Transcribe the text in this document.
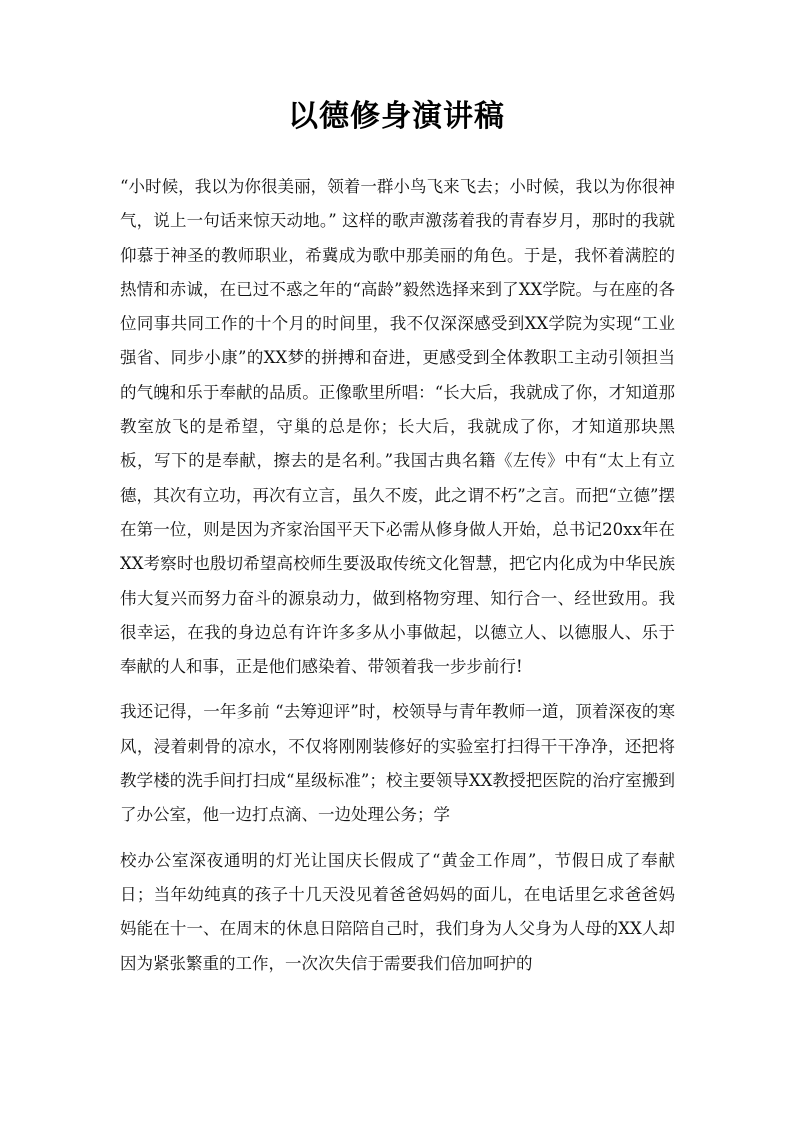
以德修身演讲稿

“小时候，我以为你很美丽，领着一群小鸟飞来飞去；小时候，我以为你很神气，说上一句话来惊天动地。” 这样的歌声激荡着我的青春岁月，那时的我就仰慕于神圣的教师职业，希冀成为歌中那美丽的角色。于是，我怀着满腔的热情和赤诚，在已过不惑之年的“高龄”毅然选择来到了XX学院。与在座的各位同事共同工作的十个月的时间里，我不仅深深感受到XX学院为实现“工业强省、同步小康”的XX梦的拼搏和奋进，更感受到全体教职工主动引领担当的气魄和乐于奉献的品质。正像歌里所唱：“长大后，我就成了你，才知道那教室放飞的是希望，守巢的总是你；长大后，我就成了你，才知道那块黑板，写下的是奉献，擦去的是名利。”我国古典名籍《左传》中有“太上有立德，其次有立功，再次有立言，虽久不废，此之谓不朽”之言。而把“立德”摆在第一位，则是因为齐家治国平天下必需从修身做人开始，总书记20xx年在XX考察时也殷切希望高校师生要汲取传统文化智慧，把它内化成为中华民族伟大复兴而努力奋斗的源泉动力，做到格物穷理、知行合一、经世致用。我很幸运，在我的身边总有许许多多从小事做起，以德立人、以德服人、乐于奉献的人和事，正是他们感染着、带领着我一步步前行!

我还记得，一年多前 “去筹迎评”时，校领导与青年教师一道，顶着深夜的寒风，浸着刺骨的凉水，不仅将刚刚装修好的实验室打扫得干干净净，还把将教学楼的洗手间打扫成“星级标准”；校主要领导XX教授把医院的治疗室搬到了办公室，他一边打点滴、一边处理公务；学

校办公室深夜通明的灯光让国庆长假成了“黄金工作周”，节假日成了奉献日；当年幼纯真的孩子十几天没见着爸爸妈妈的面儿，在电话里乞求爸爸妈妈能在十一、在周末的休息日陪陪自己时，我们身为人父身为人母的XX人却因为紧张繁重的工作，一次次失信于需要我们倍加呵护的
